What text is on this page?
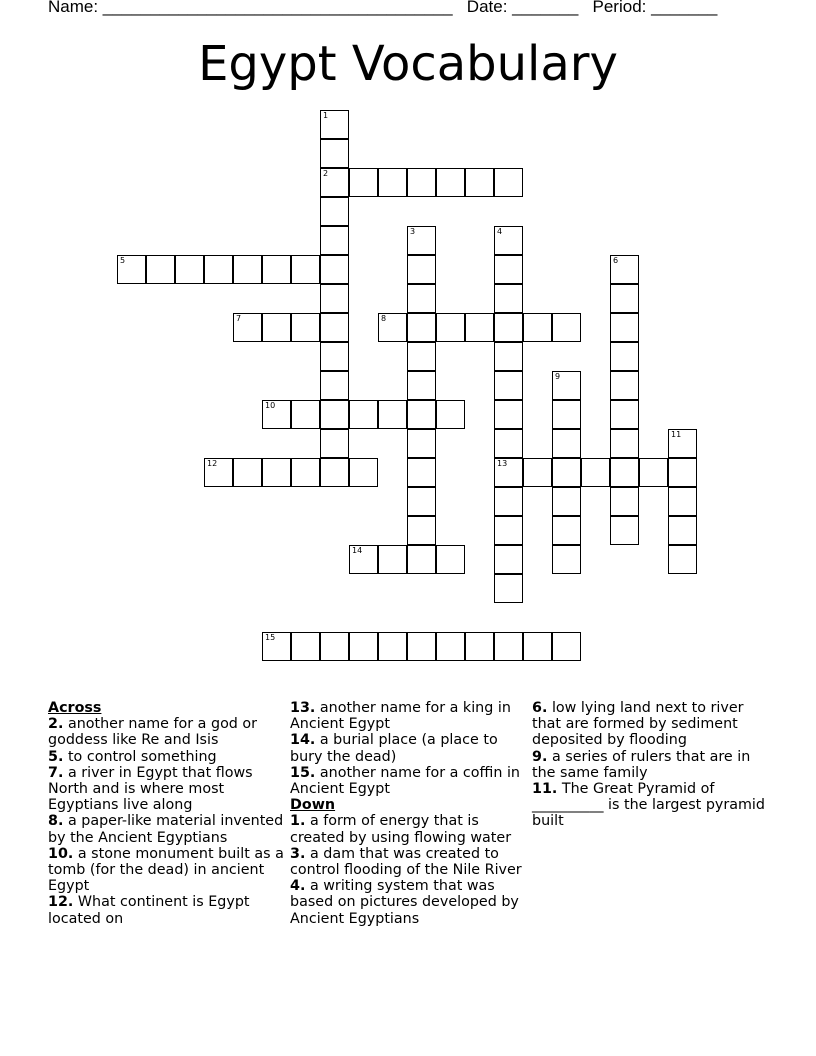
Name: _____________________________________ Date: _______ Period: _______
Egypt Vocabulary
1
2
3	4
13
5	6
7	8
9
10
11
12
14
15
Across
2. another name for a god or goddess like Re and Isis
5. to control something
7. a river in Egypt that flows North and is where most Egyptians live along
8. a paper-like material invented by the Ancient Egyptians
10. a stone monument built as a tomb (for the dead) in ancient Egypt
12. What continent is Egypt located on
13. another name for a king in Ancient Egypt
14. a burial place (a place to bury the dead)
15. another name for a coffin in Ancient Egypt
Down
1. a form of energy that is created by using flowing water
3. a dam that was created to control flooding of the Nile River
4. a writing system that was based on pictures developed by Ancient Egyptians
6. low lying land next to river that are formed by sediment deposited by flooding
9. a series of rulers that are in the same family
11. The Great Pyramid of __________ is the largest pyramid built
